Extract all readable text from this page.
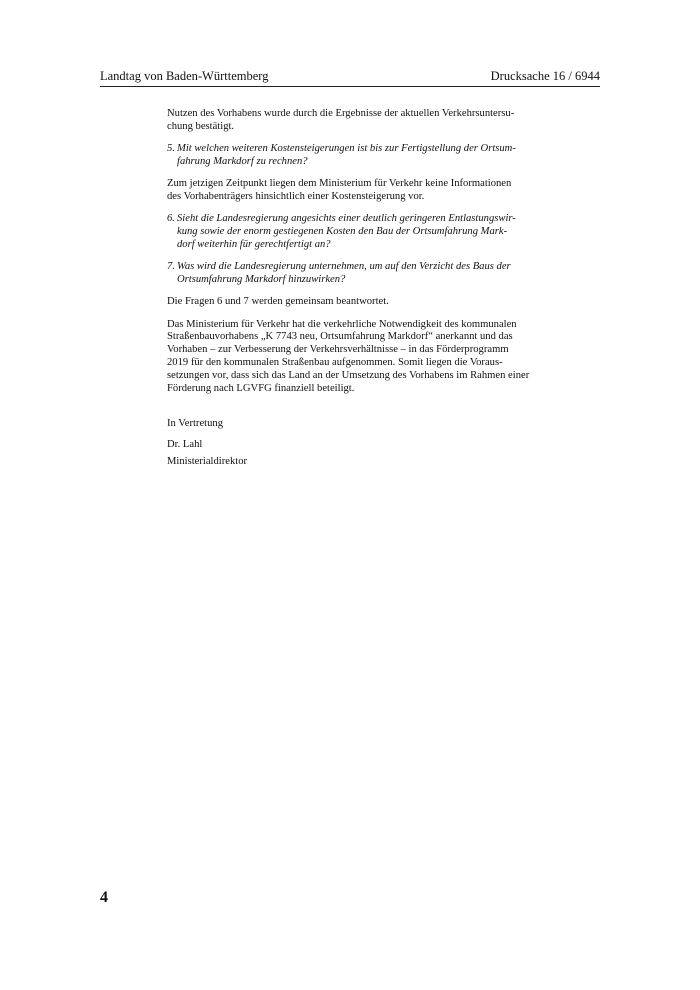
Landtag von Baden-Württemberg	Drucksache 16 / 6944
Nutzen des Vorhabens wurde durch die Ergebnisse der aktuellen Verkehrsuntersu-
chung bestätigt.
5. Mit welchen weiteren Kostensteigerungen ist bis zur Fertigstellung der Ortsum-
fahrung Markdorf zu rechnen?
Zum jetzigen Zeitpunkt liegen dem Ministerium für Verkehr keine Informationen
des Vorhabenträgers hinsichtlich einer Kostensteigerung vor.
6. Sieht die Landesregierung angesichts einer deutlich geringeren Entlastungswir-
kung sowie der enorm gestiegenen Kosten den Bau der Ortsumfahrung Mark-
dorf weiterhin für gerechtfertigt an?
7. Was wird die Landesregierung unternehmen, um auf den Verzicht des Baus der
Ortsumfahrung Markdorf hinzuwirken?
Die Fragen 6 und 7 werden gemeinsam beantwortet.
Das Ministerium für Verkehr hat die verkehrliche Notwendigkeit des kommunalen
Straßenbauvorhabens „K 7743 neu, Ortsumfahrung Markdorf“ anerkannt und das
Vorhaben – zur Verbesserung der Verkehrsverhältnisse – in das Förderprogramm
2019 für den kommunalen Straßenbau aufgenommen. Somit liegen die Voraus-
setzungen vor, dass sich das Land an der Umsetzung des Vorhabens im Rahmen einer
Förderung nach LGVFG finanziell beteiligt.
In Vertretung
Dr. Lahl
Ministerialdirektor
4
